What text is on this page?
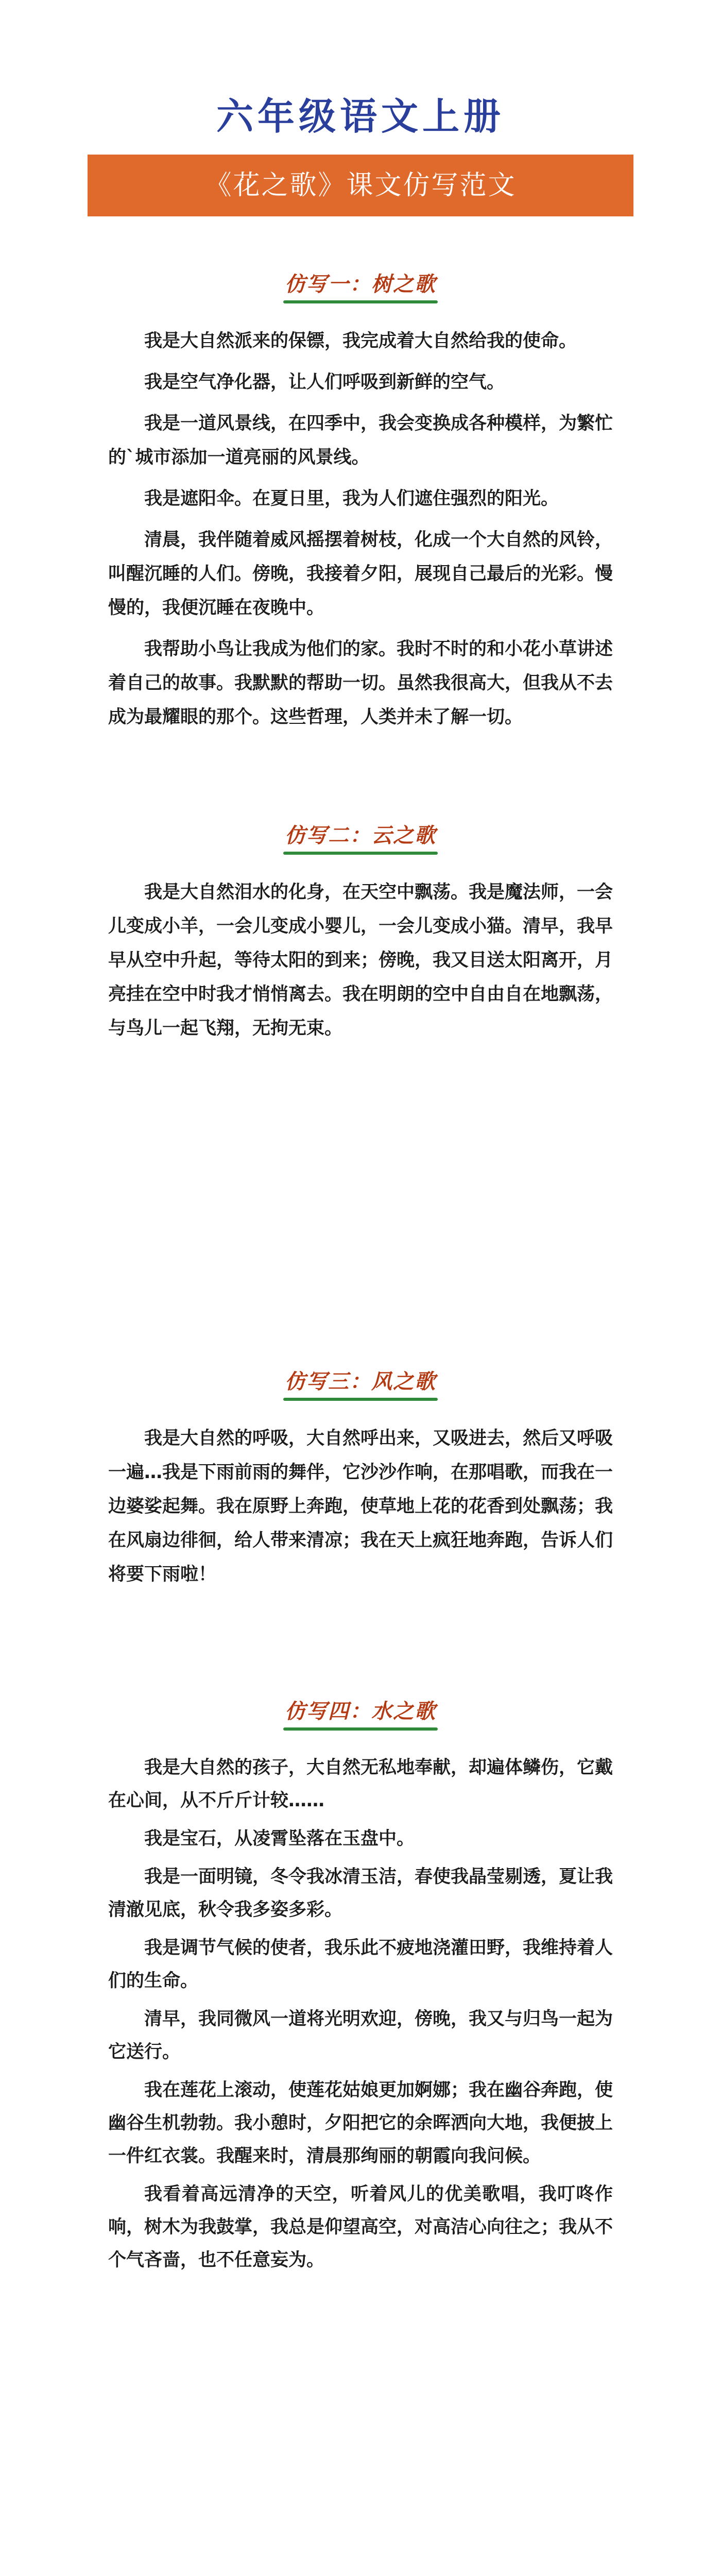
六年级语文上册
《花之歌》课文仿写范文
仿写一：树之歌

我是大自然派来的保镖，我完成着大自然给我的使命。

我是空气净化器，让人们呼吸到新鲜的空气。

我是一道风景线，在四季中，我会变换成各种模样，为繁忙的`城市添加一道亮丽的风景线。

我是遮阳伞。在夏日里，我为人们遮住强烈的阳光。

清晨，我伴随着威风摇摆着树枝，化成一个大自然的风铃，叫醒沉睡的人们。傍晚，我接着夕阳，展现自己最后的光彩。慢慢的，我便沉睡在夜晚中。

我帮助小鸟让我成为他们的家。我时不时的和小花小草讲述着自己的故事。我默默的帮助一切。虽然我很高大，但我从不去成为最耀眼的那个。这些哲理，人类并未了解一切。

仿写二：云之歌

我是大自然泪水的化身，在天空中飘荡。我是魔法师，一会儿变成小羊，一会儿变成小婴儿，一会儿变成小猫。清早，我早早从空中升起，等待太阳的到来；傍晚，我又目送太阳离开，月亮挂在空中时我才悄悄离去。我在明朗的空中自由自在地飘荡，与鸟儿一起飞翔，无拘无束。

仿写三：风之歌

我是大自然的呼吸，大自然呼出来，又吸进去，然后又呼吸一遍…我是下雨前雨的舞伴，它沙沙作响，在那唱歌，而我在一边婆娑起舞。我在原野上奔跑，使草地上花的花香到处飘荡；我在风扇边徘徊，给人带来清凉；我在天上疯狂地奔跑，告诉人们将要下雨啦！

仿写四：水之歌

我是大自然的孩子，大自然无私地奉献，却遍体鳞伤，它戴在心间，从不斤斤计较……

我是宝石，从凌霄坠落在玉盘中。

我是一面明镜，冬令我冰清玉洁，春使我晶莹剔透，夏让我清澈见底，秋令我多姿多彩。

我是调节气候的使者，我乐此不疲地浇灌田野，我维持着人们的生命。

清早，我同微风一道将光明欢迎，傍晚，我又与归鸟一起为它送行。

我在莲花上滚动，使莲花姑娘更加婀娜；我在幽谷奔跑，使幽谷生机勃勃。我小憩时，夕阳把它的余晖洒向大地，我便披上一件红衣裳。我醒来时，清晨那绚丽的朝霞向我问候。

我看着高远清净的天空，听着风儿的优美歌唱，我叮咚作响，树木为我鼓掌，我总是仰望高空，对高洁心向往之；我从不个气吝啬，也不任意妄为。
